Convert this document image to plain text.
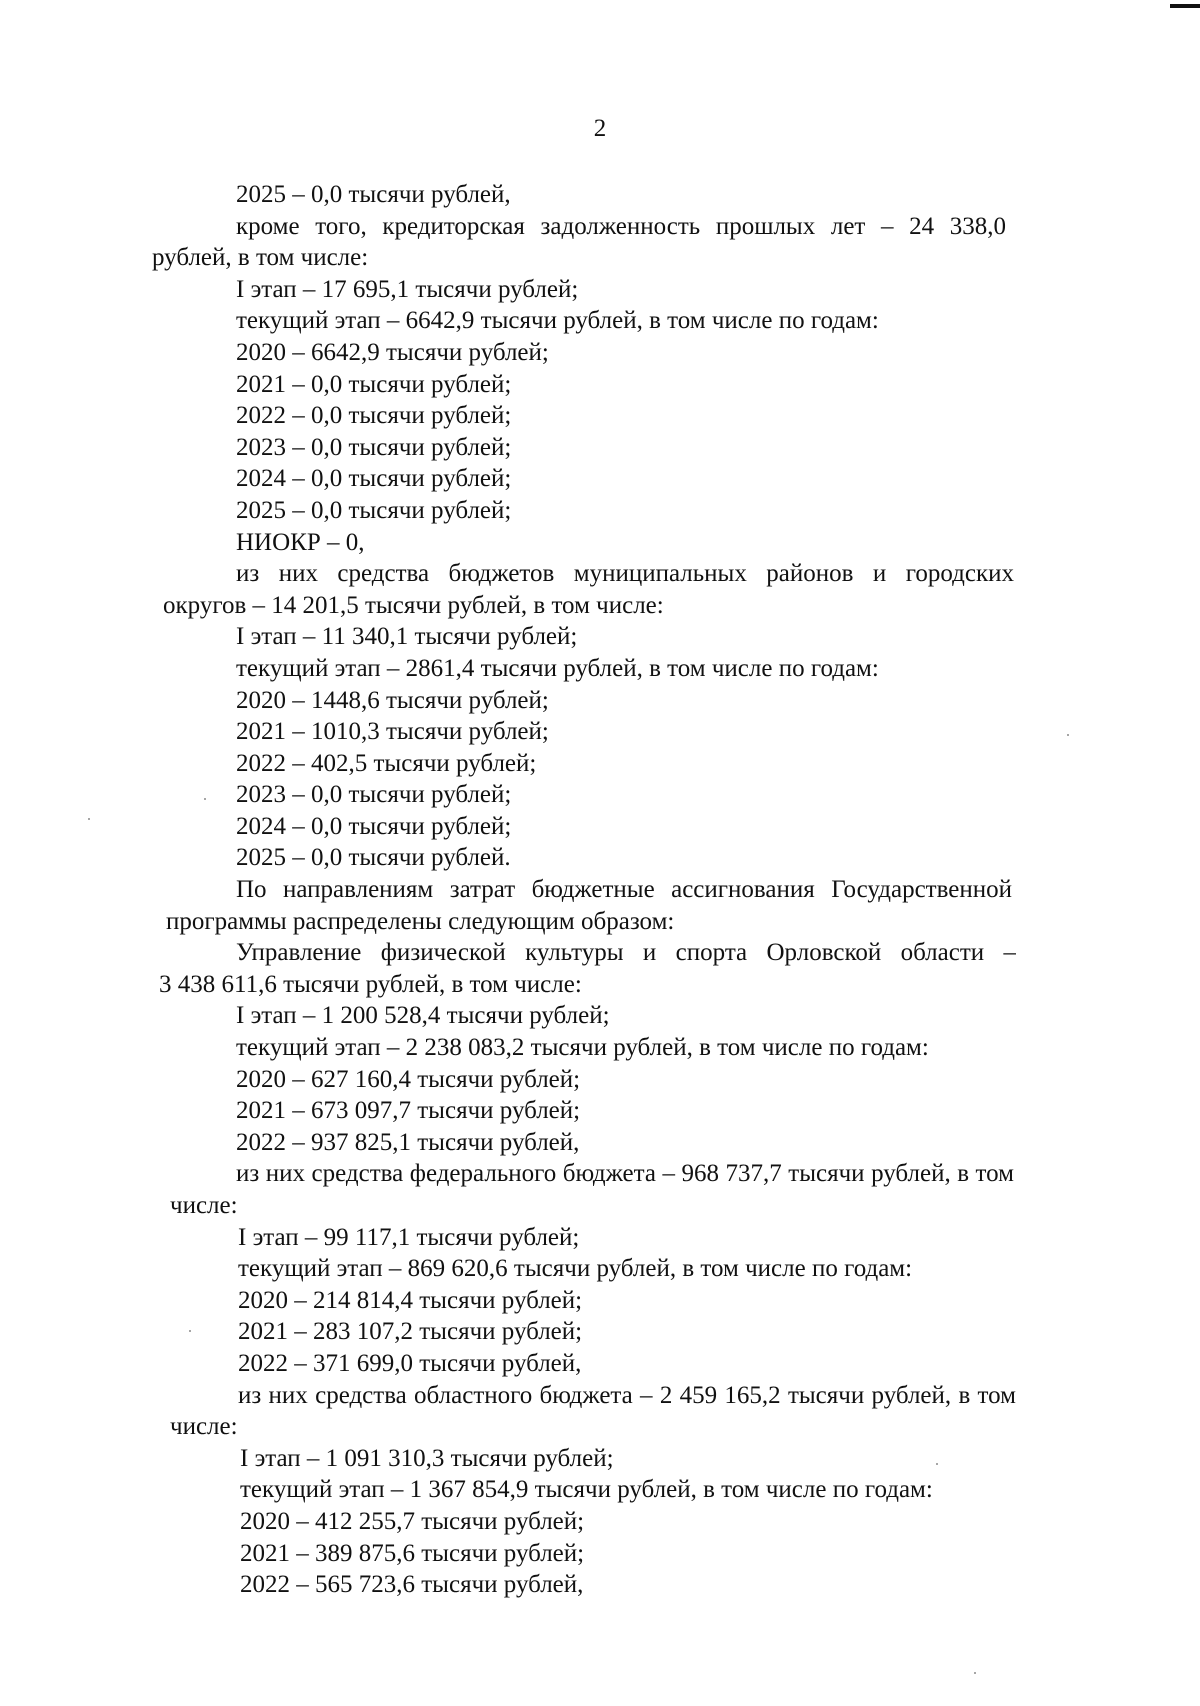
2
2025 – 0,0 тысячи рублей,
кроме того, кредиторская задолженность прошлых лет – 24 338,0
рублей, в том числе:
I этап – 17 695,1 тысячи рублей;
текущий этап – 6642,9 тысячи рублей, в том числе по годам:
2020 – 6642,9 тысячи рублей;
2021 – 0,0 тысячи рублей;
2022 – 0,0 тысячи рублей;
2023 – 0,0 тысячи рублей;
2024 – 0,0 тысячи рублей;
2025 – 0,0 тысячи рублей;
НИОКР – 0,
из них средства бюджетов муниципальных районов и городских
округов – 14 201,5 тысячи рублей, в том числе:
I этап – 11 340,1 тысячи рублей;
текущий этап – 2861,4 тысячи рублей, в том числе по годам:
2020 – 1448,6 тысячи рублей;
2021 – 1010,3 тысячи рублей;
2022 – 402,5 тысячи рублей;
2023 – 0,0 тысячи рублей;
2024 – 0,0 тысячи рублей;
2025 – 0,0 тысячи рублей.
По направлениям затрат бюджетные ассигнования Государственной
программы распределены следующим образом:
Управление физической культуры и спорта Орловской области –
3 438 611,6 тысячи рублей, в том числе:
I этап – 1 200 528,4 тысячи рублей;
текущий этап – 2 238 083,2 тысячи рублей, в том числе по годам:
2020 – 627 160,4 тысячи рублей;
2021 – 673 097,7 тысячи рублей;
2022 – 937 825,1 тысячи рублей,
из них средства федерального бюджета – 968 737,7 тысячи рублей, в том
числе:
I этап – 99 117,1 тысячи рублей;
текущий этап – 869 620,6 тысячи рублей, в том числе по годам:
2020 – 214 814,4 тысячи рублей;
2021 – 283 107,2 тысячи рублей;
2022 – 371 699,0 тысячи рублей,
из них средства областного бюджета – 2 459 165,2 тысячи рублей, в том
числе:
I этап – 1 091 310,3 тысячи рублей;
текущий этап – 1 367 854,9 тысячи рублей, в том числе по годам:
2020 – 412 255,7 тысячи рублей;
2021 – 389 875,6 тысячи рублей;
2022 – 565 723,6 тысячи рублей,
